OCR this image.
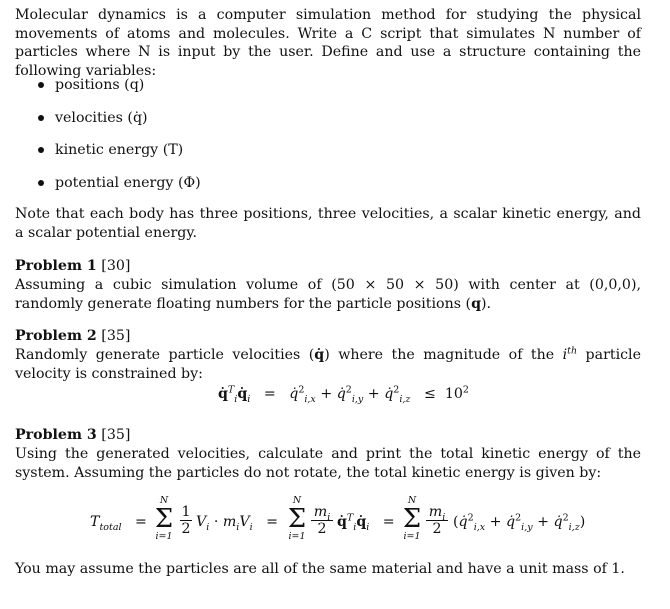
Molecular dynamics is a computer simulation method for studying the physical movements of atoms and molecules. Write a C script that simulates N number of particles where N is input by the user. Define and use a structure containing the following variables:
positions (q)
velocities (q̇)
kinetic energy (T)
potential energy (Φ)
Note that each body has three positions, three velocities, a scalar kinetic energy, and a scalar potential energy.
Problem 1 [30]
Assuming a cubic simulation volume of (50 × 50 × 50) with center at (0,0,0), randomly generate floating numbers for the particle positions (q).
Problem 2 [35]
Randomly generate particle velocities (q̇) where the magnitude of the $i^{th}$ particle velocity is constrained by:
$q̇^T_iq̇_i$   =   q̇$^2_{i,x}$ + q̇$^2_{i,y}$ + q̇$^2_{i,z}$   ≤  $10^2$
Problem 3 [35]
Using the generated velocities, calculate and print the total kinetic energy of the system. Assuming the particles do not rotate, the total kinetic energy is given by:
$T_{total}$   =
N
Σ
$i=1 \frac{1}{2} V_i \cdot m_iV_i$   =
N
Σ
$i=1 \frac{m_i}{2}$ $q̇^T_iq̇_i$   =
N
Σ
$i=1 \frac{m_i}{2}$ (q̇$^2_{i,x}$ + q̇$^2_{i,y}$ + q̇$^2_{i,z}$)
You may assume the particles are all of the same material and have a unit mass of 1.
